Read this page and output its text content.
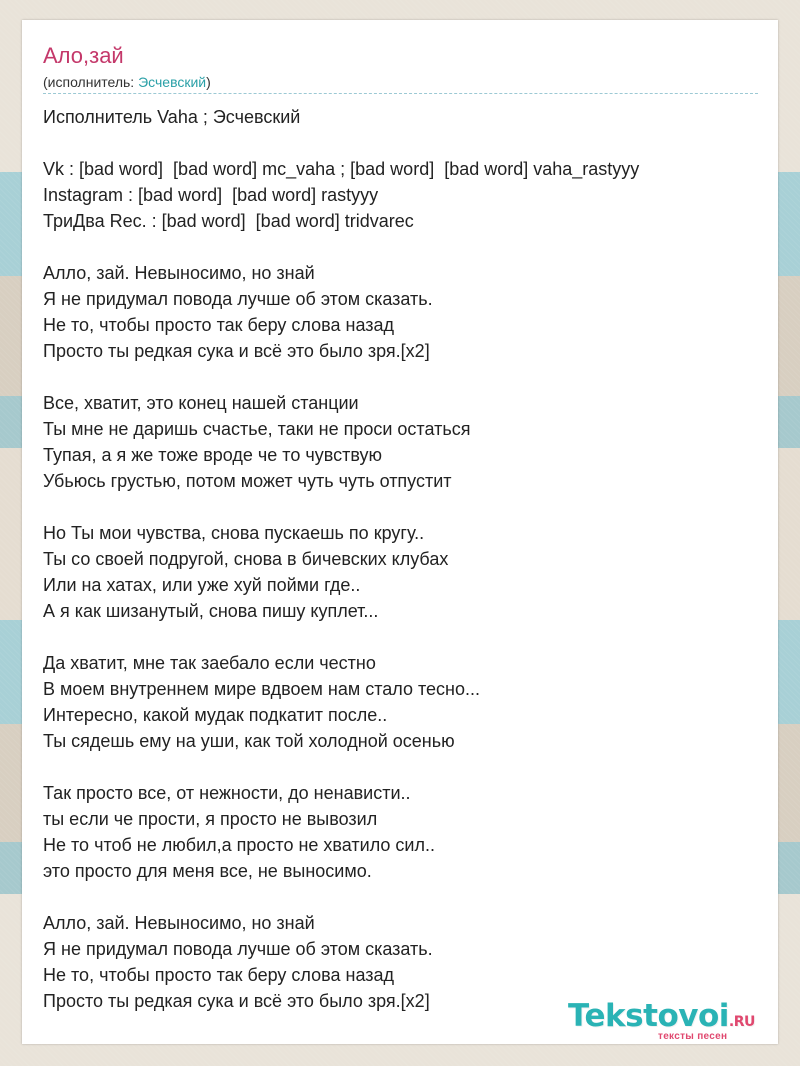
Ало,зай
(исполнитель: Эсчевский)
Исполнитель Vaha ; Эсчевский
Vk : [bad word]  [bad word] mc_vaha ; [bad word]  [bad word] vaha_rastyyy
Instagram : [bad word]  [bad word] rastyyy
ТриДва Rec. : [bad word]  [bad word] tridvarec
Алло, зай. Невыносимо, но знай
Я не придумал повода лучше об этом сказать.
Не то, чтобы просто так беру слова назад
Просто ты редкая сука и всё это было зря.[x2]
Все, хватит, это конец нашей станции
Ты мне не даришь счастье, таки не проси остаться
Тупая, а я же тоже вроде че то чувствую
Убьюсь грустью, потом может чуть чуть отпустит
Но Ты мои чувства, снова пускаешь по кругу..
Ты со своей подругой, снова в бичевских клубах
Или на хатах, или уже хуй пойми где..
А я как шизанутый, снова пишу куплет...
Да хватит, мне так заебало если честно
В моем внутреннем мире вдвоем нам стало тесно...
Интересно, какой мудак подкатит после..
Ты сядешь ему на уши, как той холодной осенью
Так просто все, от нежности, до ненависти..
ты если че прости, я просто не вывозил
Не то чтоб не любил,а просто не хватило сил..
это просто для меня все, не выносимо.
Алло, зай. Невыносимо, но знай
Я не придумал повода лучше об этом сказать.
Не то, чтобы просто так беру слова назад
Просто ты редкая сука и всё это было зря.[x2]	Tekstovoi.RU
тексты песен
